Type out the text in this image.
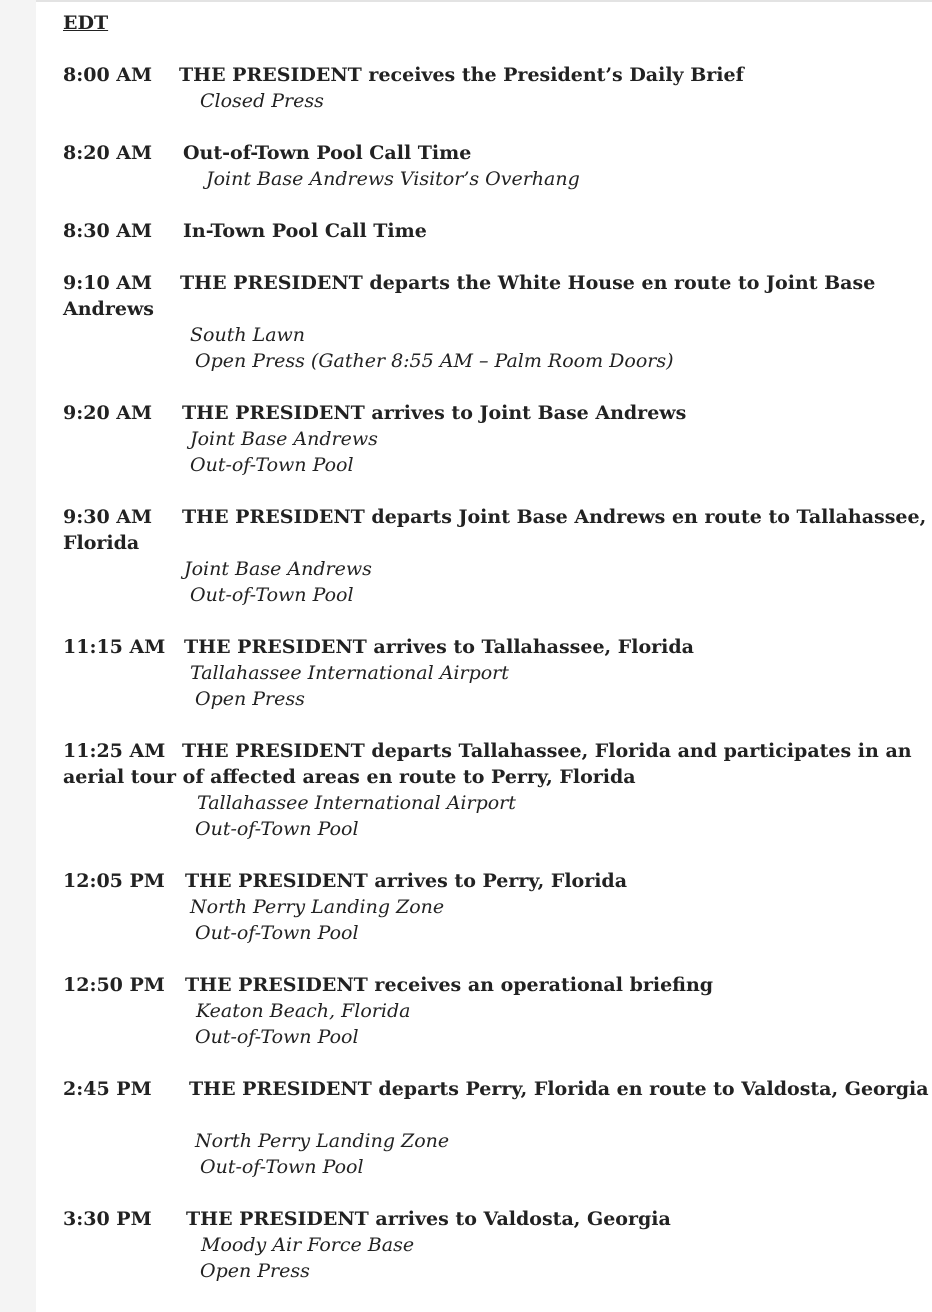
EDT

8:00 AM THE PRESIDENT receives the President’s Daily Brief

Closed Press

8:20 AM Out-of-Town Pool Call Time

Joint Base Andrews Visitor’s Overhang

8:30 AM In-Town Pool Call Time

9:10 AM THE PRESIDENT departs the White House en route to Joint Base Andrews

South Lawn

Open Press (Gather 8:55 AM – Palm Room Doors)

9:20 AM THE PRESIDENT arrives to Joint Base Andrews

Joint Base Andrews

Out-of-Town Pool

9:30 AM THE PRESIDENT departs Joint Base Andrews en route to Tallahassee, Florida

Joint Base Andrews

Out-of-Town Pool

11:15 AM THE PRESIDENT arrives to Tallahassee, Florida

Tallahassee International Airport

Open Press

11:25 AM THE PRESIDENT departs Tallahassee, Florida and participates in an aerial tour of affected areas en route to Perry, Florida

Tallahassee International Airport

Out-of-Town Pool

12:05 PM THE PRESIDENT arrives to Perry, Florida

North Perry Landing Zone

Out-of-Town Pool

12:50 PM THE PRESIDENT receives an operational briefing

Keaton Beach, Florida

Out-of-Town Pool

2:45 PM THE PRESIDENT departs Perry, Florida en route to Valdosta, Georgia

North Perry Landing Zone

Out-of-Town Pool

3:30 PM THE PRESIDENT arrives to Valdosta, Georgia

Moody Air Force Base

Open Press
